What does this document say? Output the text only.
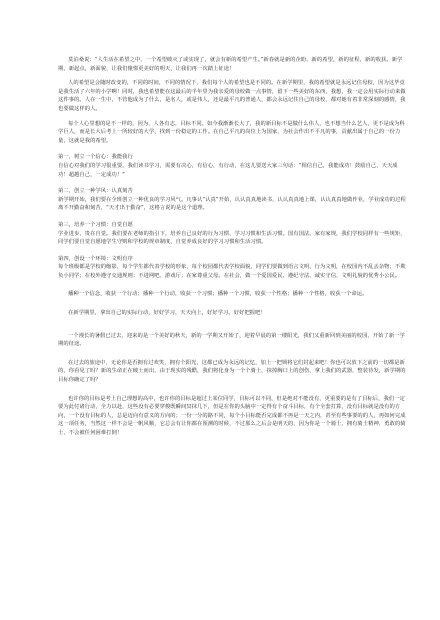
莫泊桑说：“人生活在希望之中，一个希望破灭了或实现了，就会有新的希望产生。”新春就是新的企盼、新的希望，新的征程，新的收获。新学期，新起点，新面貌，让我们憧憬更美好的明天，让我们再一次踏上征途！

人的希望是会随时改变的，不同的时间，不同的情况下，我们每个人的希望也是不同的。在新学期里，我的希望就是永远记住母校，因为这毕竟是我生活了六年的小学啊！同时，我也希望能在这最后的半年里为我亲爱的母校做一点事情，留下一些美好的东西，我想，我一定会用实际行动来做这件事的。人在一生中，不管他成为了什么，是名人，或是伟人，还是最平凡的普通人，都会永远记住自己的母校，都对她有着非常深刻的感情，我也要做这样的人。

每个人心里想的是不一样的，因为，人各有志，目标不同。如今我渐渐长大了，我的新目标不是做什么伟人，也不想当什么艺人，更不是成为科学巨人，而是长大后考上一所较好的大学，找到一份稳定的工作。在自己平凡的岗位上为国家，为社会作出不平凡的事，贡献出属于自己的一份力量，这就是我的希望。

第一，树立一个信心：我能我行

自信心对我们的学习很重要，我们读书学习，需要有决心，有信心，有行动，在这儿要送大家三句话：“相信自己，我能成功！鼓励自己，天天成功！超越自己，一定成功！”

第二，创立一种学风：认真刻苦

新学期开始，我们要在全班创立一种优良的学习风气。凡事认“认真”开始，认认真真地读书，认认真真地上课，认认真真地做作业，学业成功的过程离不开勤奋和刻苦，“天才出于勤奋”，这格言说的是这个道理。

第三，培养一个习惯：自觉自愿

学业进步，贵在自觉。我们要在老师的指引下，培养自己良好的行为习惯、学习习惯和生活习惯。国有国法，家有家规，我们学校同样有一些规矩，同学们要自觉自愿地学生守则和学校的规章制度，自觉养成良好的学习习惯和生活习惯。

第四，创设一个环境：文明有序

每个班级都是学校的缩影，每个学生都代表学校的形象，每个校园都代表学校面貌，同学们要做到语言文明，行为文明，在校园内不乱丢杂物；不欺负小同学；在校外遵守交通规则；不进网吧、游戏厅；在家尊重父母。在社会，做一个爱国爱民、遵纪守法、诚实守信、文明礼貌的优秀小公民。

播种一个信念，收获一个行动；播种一个行动，收获一个习惯；播种一个习惯，收获一个性格；播种一个性格，收获一个命运。

在新学期里，拿出自己的实际行动，好好学习，天天向上，好好学习，好好把握吧！

一个漫长的暑假已过去，迎来的是一个美好的秋天，新的一学期又开始了，迎着早晨的第一缕阳光，我们又重新回到美丽的校园，开始了新一学期的征途。

在过去的旅途中，无论你是否拥有过欢笑，拥有个阳光，这都已成为永远的记忆，加上一把锁将它们封起来吧！你也可以放下之前的一切都是新的，你看见了吗？新的生命正在破土而出，由于现实的残酷，我们将化身为一个个骑士，抹掉胸口上的创伤，拿上我们的武器，整装待发，新学期的目标你确定了吗？

也许你的目标是考上自己理想的高中，也许你的目标是超过上某位同学，目标可以不同，但是绝对不能没有，更重要的是有了目标后，我们一定要为此付诸行动，全力以赴，这些没有必要穿梭既瞬间冥抹几下，但是在你的头脑中一定得有个奋斗目标，有个全套打算，没有目标就是没有的方向，一个没有目标的人，总是迈向有意义的方向的；一份一分的路不同，每个小目标能否完成都不再是一天之内，甚至有些事要的的人，再如何完成这一项任务，当然这一样不会是一帆风顺，它总会有让你都在预测的时候，不过那么之后会是明天的，因为你是一个骑士，拥有骑士精神，勇敢的骑士，不会被任何困难打倒！
